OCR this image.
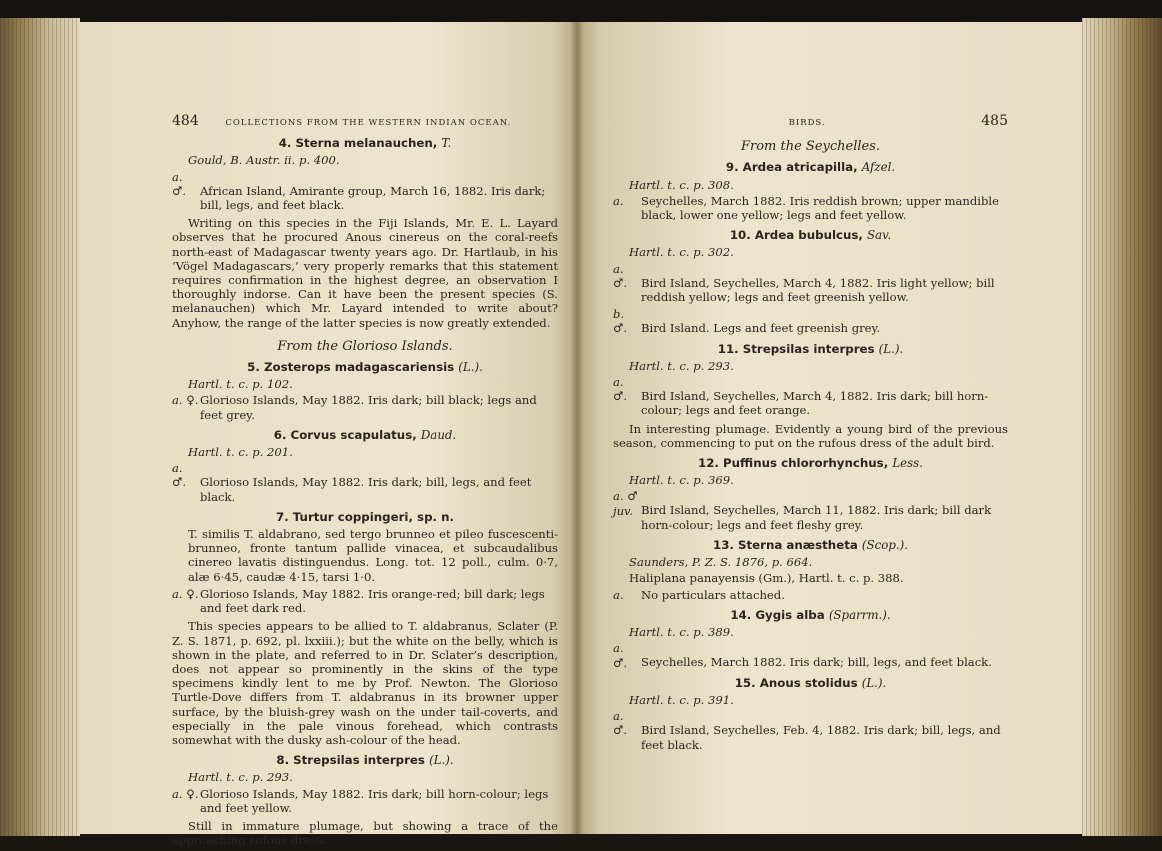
484	COLLECTIONS FROM THE WESTERN INDIAN OCEAN.
4. Sterna melanauchen, T.
Gould, B. Austr. ii. p. 400.
a. ♂. African Island, Amirante group, March 16, 1882. Iris dark; bill, legs, and feet black.
Writing on this species in the Fiji Islands, Mr. E. L. Layard observes that he procured Anous cinereus on the coral-reefs north-east of Madagascar twenty years ago. Dr. Hartlaub, in his ‘Vögel Madagascars,’ very properly remarks that this statement requires confirmation in the highest degree, an observation I thoroughly indorse. Can it have been the present species (S. melanauchen) which Mr. Layard intended to write about? Anyhow, the range of the latter species is now greatly extended.
From the Glorioso Islands.
5. Zosterops madagascariensis (L.).
Hartl. t. c. p. 102.
a. ♀. Glorioso Islands, May 1882. Iris dark; bill black; legs and feet grey.
6. Corvus scapulatus, Daud.
Hartl. t. c. p. 201.
a. ♂. Glorioso Islands, May 1882. Iris dark; bill, legs, and feet black.
7. Turtur coppingeri, sp. n.
T. similis T. aldabrano, sed tergo brunneo et pileo fuscescenti-brunneo, fronte tantum pallide vinacea, et subcaudalibus cinereo lavatis distinguendus. Long. tot. 12 poll., culm. 0·7, alæ 6·45, caudæ 4·15, tarsi 1·0.
a. ♀. Glorioso Islands, May 1882. Iris orange-red; bill dark; legs and feet dark red.
This species appears to be allied to T. aldabranus, Sclater (P. Z. S. 1871, p. 692, pl. lxxiii.); but the white on the belly, which is shown in the plate, and referred to in Dr. Sclater’s description, does not appear so prominently in the skins of the type specimens kindly lent to me by Prof. Newton. The Glorioso Turtle-Dove differs from T. aldabranus in its browner upper surface, by the bluish-grey wash on the under tail-coverts, and especially in the pale vinous forehead, which contrasts somewhat with the dusky ash-colour of the head.
8. Strepsilas interpres (L.).
Hartl. t. c. p. 293.
a. ♀. Glorioso Islands, May 1882. Iris dark; bill horn-colour; legs and feet yellow.
Still in immature plumage, but showing a trace of the approaching rufous dress.
BIRDS.	485
From the Seychelles.
9. Ardea atricapilla, Afzel.
Hartl. t. c. p. 308.
a. Seychelles, March 1882. Iris reddish brown; upper mandible black, lower one yellow; legs and feet yellow.
10. Ardea bubulcus, Sav.
Hartl. t. c. p. 302.
a. ♂. Bird Island, Seychelles, March 4, 1882. Iris light yellow; bill reddish yellow; legs and feet greenish yellow.
b. ♂. Bird Island. Legs and feet greenish grey.
11. Strepsilas interpres (L.).
Hartl. t. c. p. 293.
a. ♂. Bird Island, Seychelles, March 4, 1882. Iris dark; bill horn-colour; legs and feet orange.
In interesting plumage. Evidently a young bird of the previous season, commencing to put on the rufous dress of the adult bird.
12. Puffinus chlororhynchus, Less.
Hartl. t. c. p. 369.
a. ♂ juv. Bird Island, Seychelles, March 11, 1882. Iris dark; bill dark horn-colour; legs and feet fleshy grey.
13. Sterna anæstheta (Scop.).
Saunders, P. Z. S. 1876, p. 664.
Haliplana panayensis (Gm.), Hartl. t. c. p. 388.
a. No particulars attached.
14. Gygis alba (Sparrm.).
Hartl. t. c. p. 389.
a. ♂. Seychelles, March 1882. Iris dark; bill, legs, and feet black.
15. Anous stolidus (L.).
Hartl. t. c. p. 391.
a. ♂. Bird Island, Seychelles, Feb. 4, 1882. Iris dark; bill, legs, and feet black.
